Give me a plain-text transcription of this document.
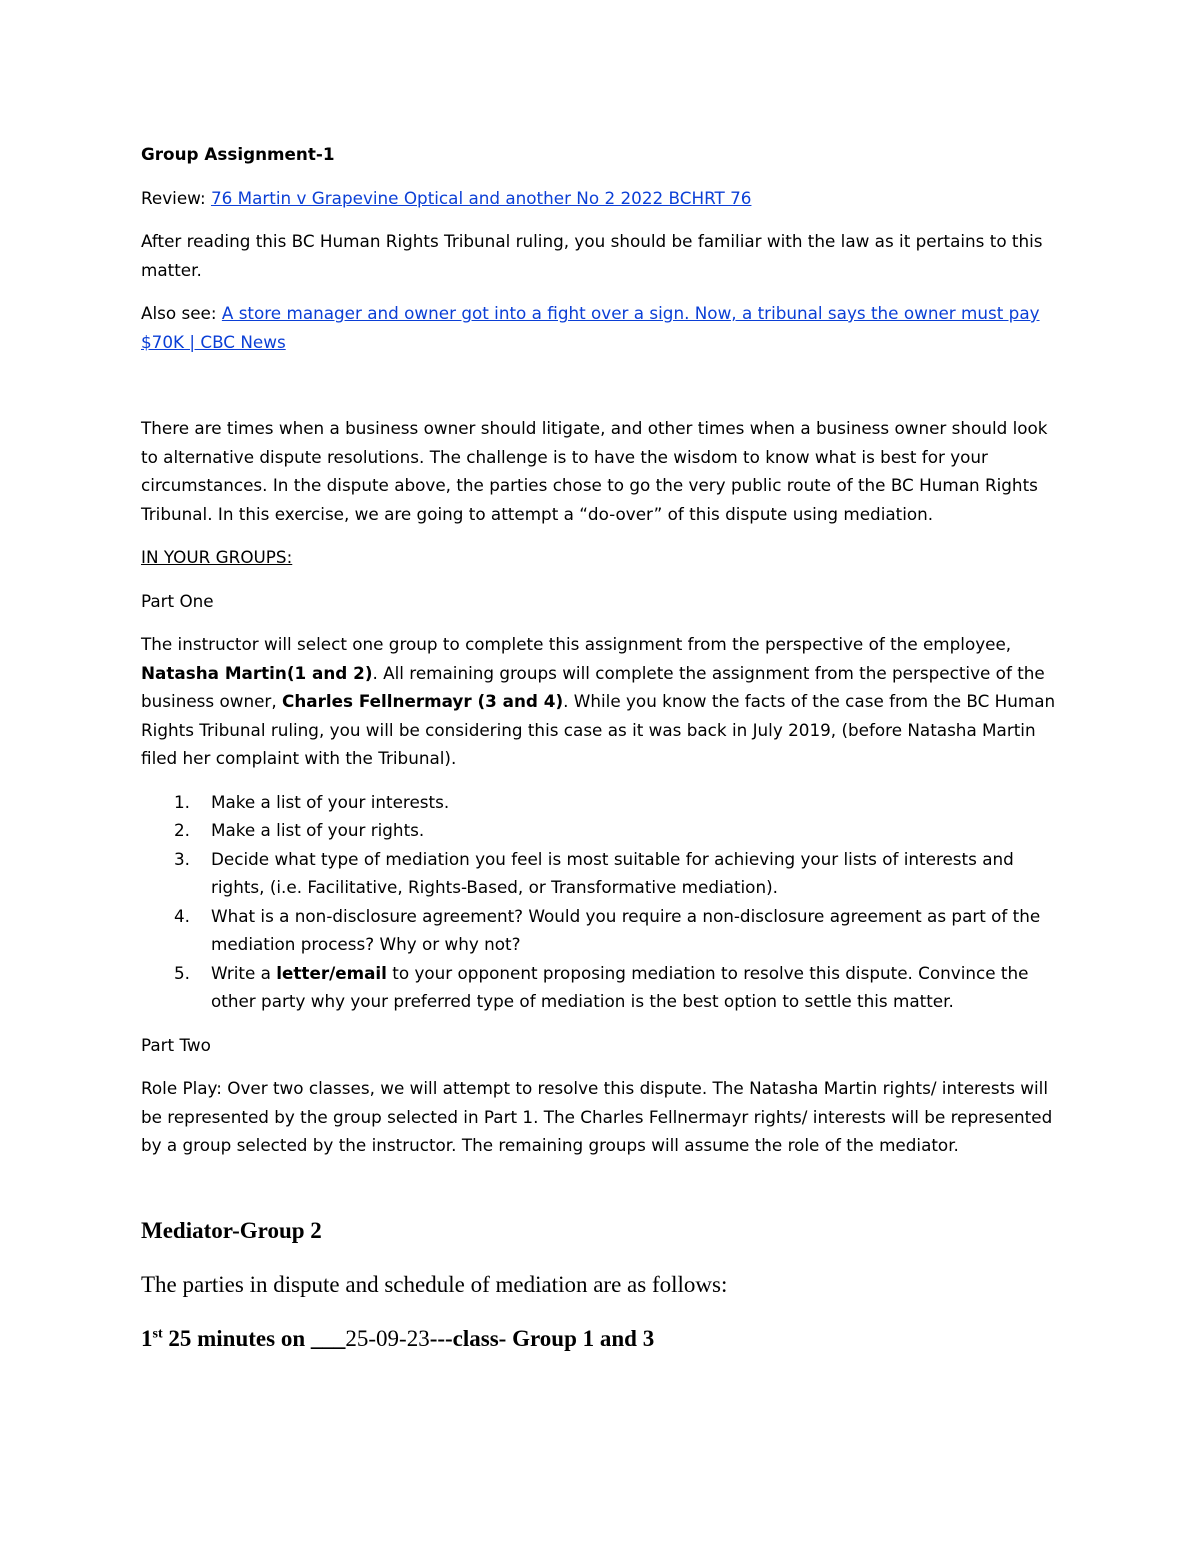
Group Assignment-1

Review: 76 Martin v Grapevine Optical and another No 2 2022 BCHRT 76

After reading this BC Human Rights Tribunal ruling, you should be familiar with the law as it pertains to this matter.

Also see: A store manager and owner got into a fight over a sign. Now, a tribunal says the owner must pay $70K | CBC News

There are times when a business owner should litigate, and other times when a business owner should look to alternative dispute resolutions. The challenge is to have the wisdom to know what is best for your circumstances. In the dispute above, the parties chose to go the very public route of the BC Human Rights Tribunal. In this exercise, we are going to attempt a “do-over” of this dispute using mediation.

IN YOUR GROUPS:

Part One

The instructor will select one group to complete this assignment from the perspective of the employee, Natasha Martin(1 and 2). All remaining groups will complete the assignment from the perspective of the business owner, Charles Fellnermayr (3 and 4). While you know the facts of the case from the BC Human Rights Tribunal ruling, you will be considering this case as it was back in July 2019, (before Natasha Martin filed her complaint with the Tribunal).

1. Make a list of your interests.
2. Make a list of your rights.
3. Decide what type of mediation you feel is most suitable for achieving your lists of interests and rights, (i.e. Facilitative, Rights-Based, or Transformative mediation).
4. What is a non-disclosure agreement? Would you require a non-disclosure agreement as part of the mediation process? Why or why not?
5. Write a letter/email to your opponent proposing mediation to resolve this dispute. Convince the other party why your preferred type of mediation is the best option to settle this matter.

Part Two

Role Play: Over two classes, we will attempt to resolve this dispute. The Natasha Martin rights/ interests will be represented by the group selected in Part 1. The Charles Fellnermayr rights/ interests will be represented by a group selected by the instructor. The remaining groups will assume the role of the mediator.

Mediator-Group 2

The parties in dispute and schedule of mediation are as follows:

1st 25 minutes on ___25-09-23---class- Group 1 and 3
